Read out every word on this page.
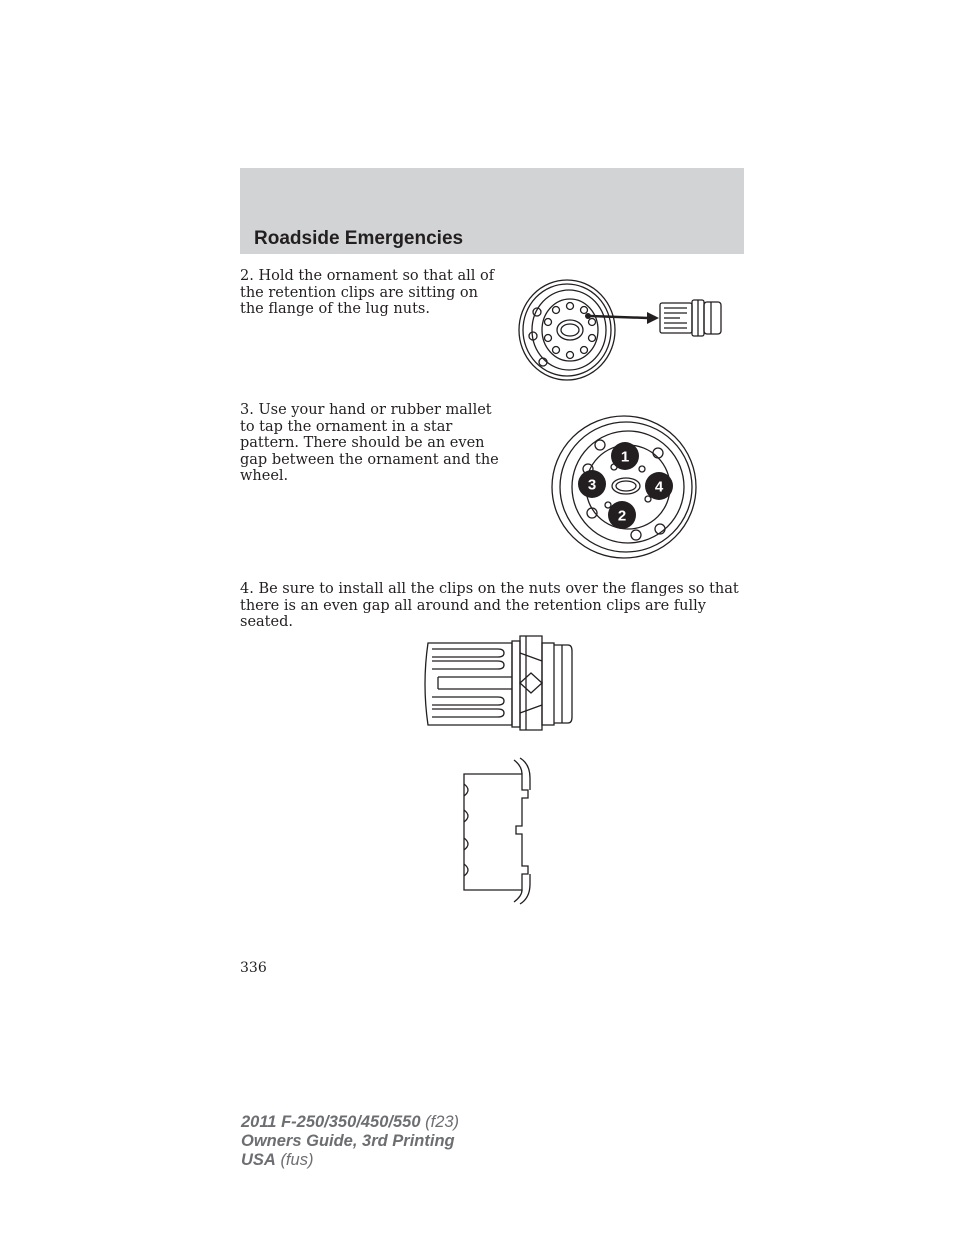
Roadside Emergencies

2. Hold the ornament so that all of the retention clips are sitting on the flange of the lug nuts.

3. Use your hand or rubber mallet to tap the ornament in a star pattern. There should be an even gap between the ornament and the wheel.

1
2
3	4

4. Be sure to install all the clips on the nuts over the flanges so that there is an even gap all around and the retention clips are fully seated.

336

2011 F-250/350/450/550 (f23)
Owners Guide, 3rd Printing
USA (fus)
